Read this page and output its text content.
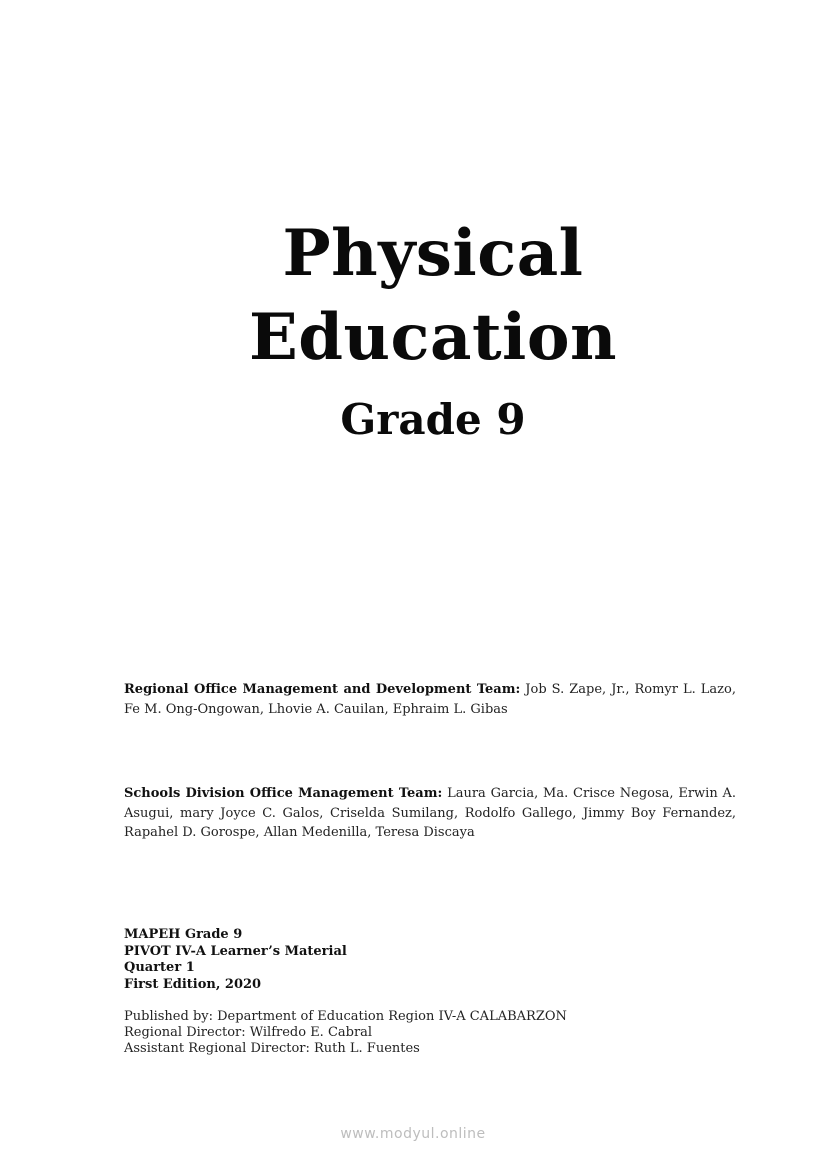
Physical
Education
Grade 9
Regional Office Management and Development Team: Job S. Zape, Jr., Romyr L. Lazo, Fe M. Ong-Ongowan, Lhovie A. Cauilan, Ephraim L. Gibas
Schools Division Office Management Team: Laura Garcia, Ma. Crisce Negosa, Erwin A. Asugui, mary Joyce C. Galos, Criselda Sumilang, Rodolfo Gallego, Jimmy Boy Fernandez, Rapahel D. Gorospe, Allan Medenilla, Teresa Discaya
MAPEH Grade 9
PIVOT IV-A Learner’s Material
Quarter 1
First Edition, 2020
Published by: Department of Education Region IV-A CALABARZON
Regional Director: Wilfredo E. Cabral
Assistant Regional Director: Ruth L. Fuentes
www.modyul.online
